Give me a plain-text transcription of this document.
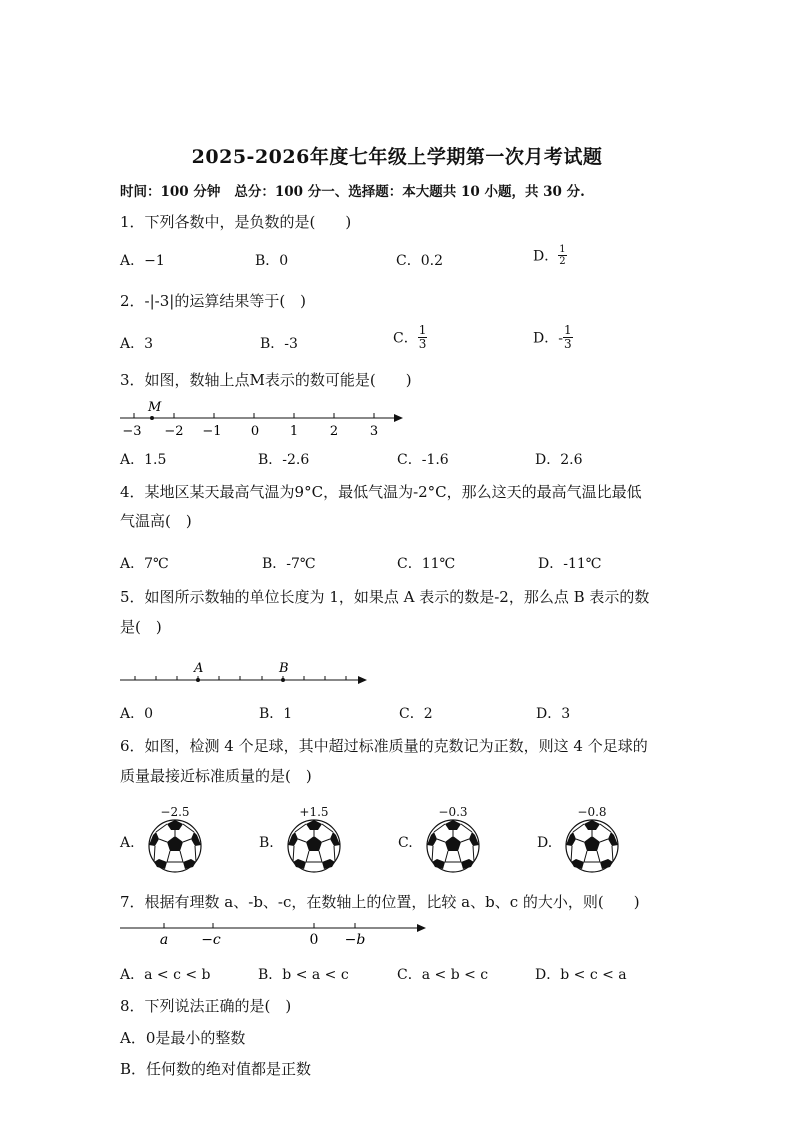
2025-2026年度七年级上学期第一次月考试题
时间：100 分钟 总分：100 分一、选择题：本大题共 10 小题，共 30 分.
1．下列各数中，是负数的是(　　)
A．−1	B．0	C．0.2	D． $\frac{1}{2}$
2．-|-3|的运算结果等于(　)
A．3	B．-3	C． $\frac{1}{3}$	D．- $\frac{1}{3}$
3．如图，数轴上点M表示的数可能是(　　)
M
−3 −2 −1 0 1 2 3
A．1.5	B．-2.6	C．-1.6	D．2.6
4．某地区某天最高气温为9°C，最低气温为-2°C，那么这天的最高气温比最低
气温高(　)
A．7℃	B．-7℃	C．11℃	D．-11℃
5．如图所示数轴的单位长度为 1，如果点 A 表示的数是-2，那么点 B 表示的数
是(　)
A	B
A．0	B．1	C．2	D．3
6．如图，检测 4 个足球，其中超过标准质量的克数记为正数，则这 4 个足球的
质量最接近标准质量的是(　)
A.
−2.5
B.
+1.5
C.
−0.3
D.
−0.8
7．根据有理数 a、-b、-c，在数轴上的位置，比较 a、b、c 的大小，则(　　)
a −c	0 −b
A．a < c < b	B．b < a < c	C．a < b < c	D．b < c < a
8．下列说法正确的是(　)
A．0是最小的整数
B．任何数的绝对值都是正数
